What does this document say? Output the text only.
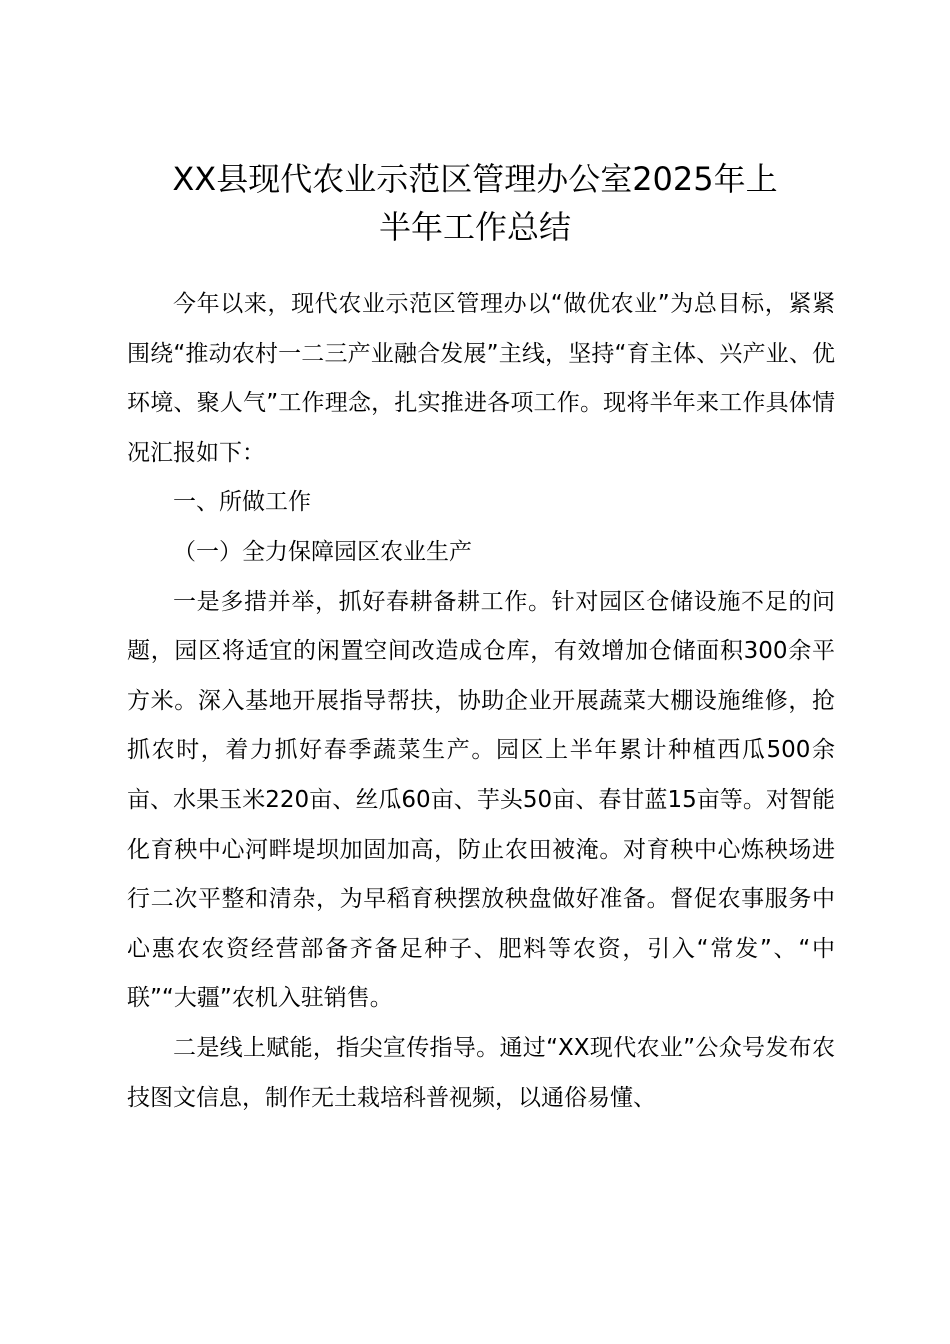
XX县现代农业示范区管理办公室2025年上
半年工作总结

今年以来，现代农业示范区管理办以“做优农业”为总目标，紧紧围绕“推动农村一二三产业融合发展”主线，坚持“育主体、兴产业、优环境、聚人气”工作理念，扎实推进各项工作。现将半年来工作具体情况汇报如下：

一、所做工作

（一）全力保障园区农业生产

一是多措并举，抓好春耕备耕工作。针对园区仓储设施不足的问题，园区将适宜的闲置空间改造成仓库，有效增加仓储面积300余平方米。深入基地开展指导帮扶，协助企业开展蔬菜大棚设施维修，抢抓农时，着力抓好春季蔬菜生产。园区上半年累计种植西瓜500余亩、水果玉米220亩、丝瓜60亩、芋头50亩、春甘蓝15亩等。对智能化育秧中心河畔堤坝加固加高，防止农田被淹。对育秧中心炼秧场进行二次平整和清杂，为早稻育秧摆放秧盘做好准备。督促农事服务中心惠农农资经营部备齐备足种子、肥料等农资，引入“常发”、“中联”“大疆”农机入驻销售。

二是线上赋能，指尖宣传指导。通过“XX现代农业”公众号发布农技图文信息，制作无土栽培科普视频，以通俗易懂、
